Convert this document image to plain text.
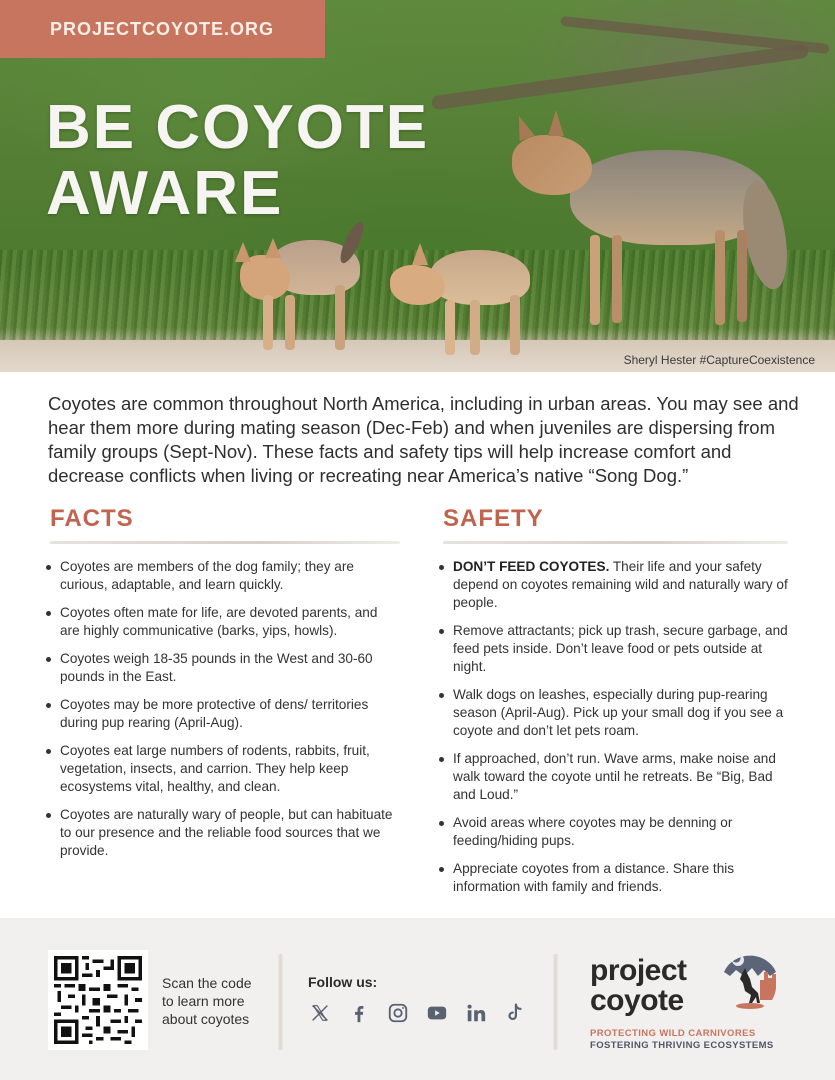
PROJECTCOYOTE.ORG
BE COYOTE
AWARE
Sheryl Hester #CaptureCoexistence

Coyotes are common throughout North America, including in urban areas. You may see and hear them more during mating season (Dec-Feb) and when juveniles are dispersing from family groups (Sept-Nov). These facts and safety tips will help increase comfort and decrease conflicts when living or recreating near America’s native “Song Dog.”

FACTS
Coyotes are members of the dog family; they are curious, adaptable, and learn quickly.
Coyotes often mate for life, are devoted parents, and are highly communicative (barks, yips, howls).
Coyotes weigh 18-35 pounds in the West and 30-60 pounds in the East.
Coyotes may be more protective of dens/ territories during pup rearing (April-Aug).
Coyotes eat large numbers of rodents, rabbits, fruit, vegetation, insects, and carrion. They help keep ecosystems vital, healthy, and clean.
Coyotes are naturally wary of people, but can habituate to our presence and the reliable food sources that we provide.
SAFETY
DON’T FEED COYOTES. Their life and your safety depend on coyotes remaining wild and naturally wary of people.
Remove attractants; pick up trash, secure garbage, and feed pets inside. Don’t leave food or pets outside at night.
Walk dogs on leashes, especially during pup-rearing season (April-Aug). Pick up your small dog if you see a coyote and don’t let pets roam.
If approached, don’t run. Wave arms, make noise and walk toward the coyote until he retreats. Be “Big, Bad and Loud.”
Avoid areas where coyotes may be denning or feeding/hiding pups.
Appreciate coyotes from a distance. Share this information with family and friends.
Scan the code
to learn more
about coyotes
Follow us:	project
coyote
PROTECTING WILD CARNIVORES
FOSTERING THRIVING ECOSYSTEMS
